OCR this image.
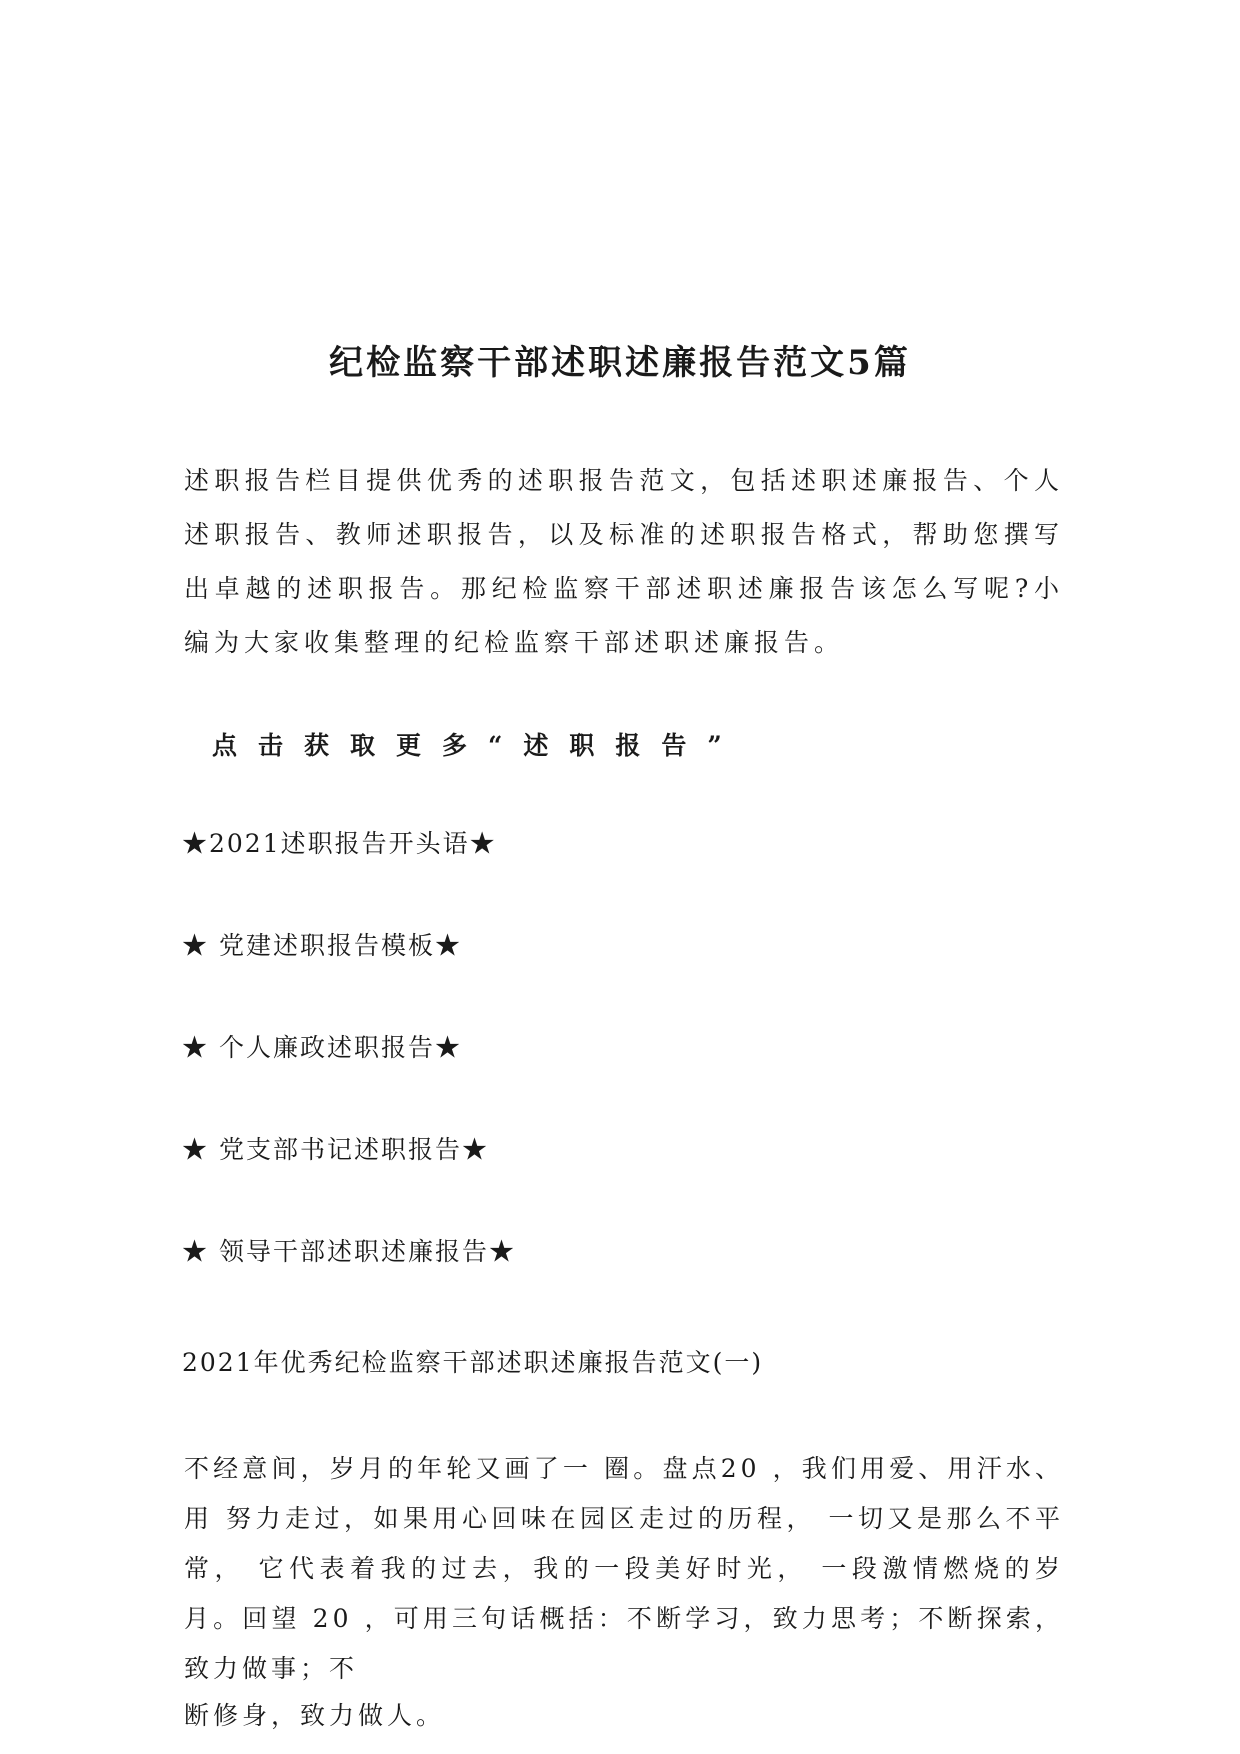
纪检监察干部述职述廉报告范文5篇
述职报告栏目提供优秀的述职报告范文，包括述职述廉报告、个人述职报告、教师述职报告，以及标准的述职报告格式，帮助您撰写出卓越的述职报告。那纪检监察干部述职述廉报告该怎么写呢?小编为大家收集整理的纪检监察干部述职述廉报告。
点击获取更多“述职报告”
★2021述职报告开头语★
★ 党建述职报告模板★
★ 个人廉政述职报告★
★ 党支部书记述职报告★
★ 领导干部述职述廉报告★
2021年优秀纪检监察干部述职述廉报告范文(一)
不经意间，岁月的年轮又画了一 圈。盘点20 ，我们用爱、用汗水、用 努力走过，如果用心回味在园区走过的历程， 一切又是那么不平常， 它代表着我的过去，我的一段美好时光， 一段激情燃烧的岁月。回望 20 ，可用三句话概括：不断学习，致力思考；不断探索，致力做事；不
断修身，致力做人。
